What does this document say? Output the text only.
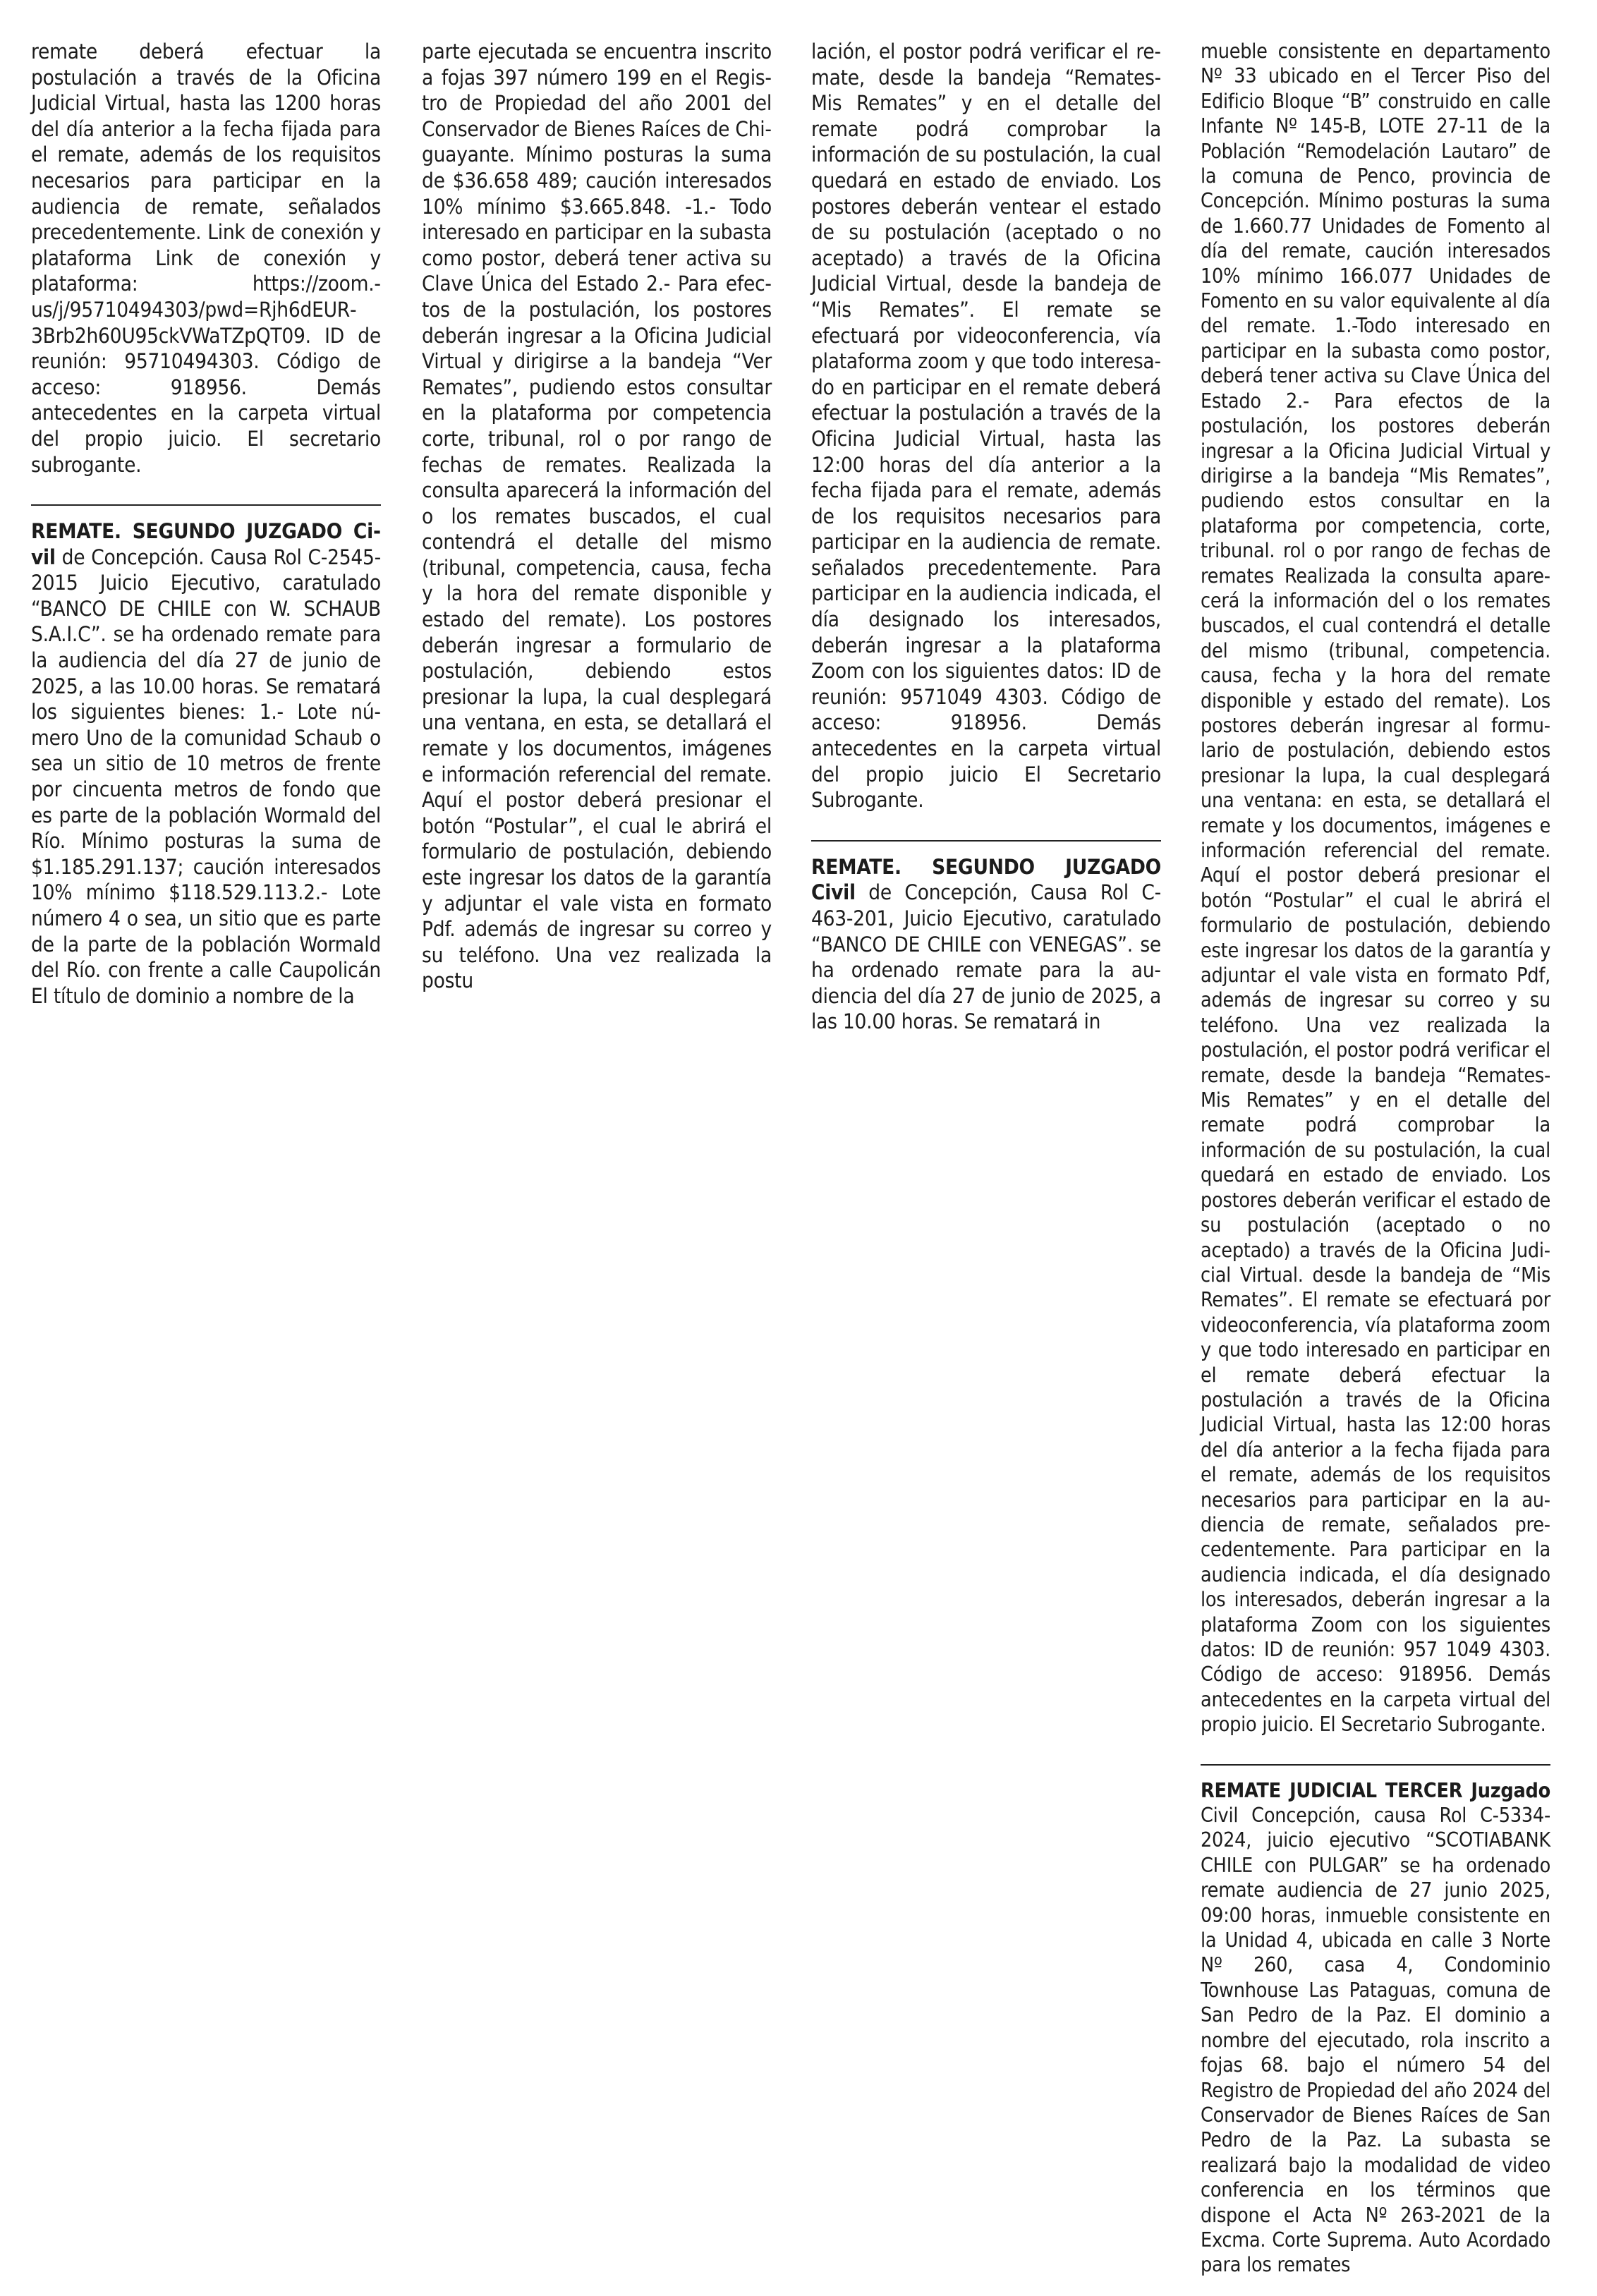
remate deberá efectuar la postulación a través de la Oficina Judicial Virtual, hasta las 1200 horas del día anterior a la fecha fijada para el remate, además de los requisitos necesarios para participar en la audiencia de remate, señalados precedentemente. Link de conexión y plataforma Link de conexión y plataforma: https://zoom.us/j/95710494303/pwd=Rjh6dEUR3Brb2h60U95ckVWaTZpQT09. ID de reunión: 95710494303. Código de acceso: 918956. Demás antecedentes en la carpeta virtual del propio juicio. El secretario subrogante.

REMATE. SEGUNDO JUZGADO Civil de Concepción. Causa Rol C-2545-2015 Juicio Ejecutivo, caratulado “BANCO DE CHILE con W. SCHAUB S.A.I.C”. se ha ordenado remate para la audiencia del día 27 de junio de 2025, a las 10.00 horas. Se rematará los siguientes bienes: 1.- Lote número Uno de la comunidad Schaub o sea un sitio de 10 metros de frente por cincuenta metros de fondo que es parte de la población Wormald del Río. Mínimo posturas la suma de $1.185.291.137; caución interesados 10% mínimo $118.529.113.2.- Lote número 4 o sea, un sitio que es parte de la parte de la población Wormald del Río. con frente a calle Caupolicán El título de dominio a nombre de la

parte ejecutada se encuentra inscrito a fojas 397 número 199 en el Registro de Propiedad del año 2001 del Conservador de Bienes Raíces de Chiguayante. Mínimo posturas la suma de $36.658 489; caución interesados 10% mínimo $3.665.848. -1.- Todo interesado en participar en la subasta como postor, deberá tener activa su Clave Única del Estado 2.- Para efectos de la postulación, los postores deberán ingresar a la Oficina Judicial Virtual y dirigirse a la bandeja “Ver Remates”, pudiendo estos consultar en la plataforma por competencia corte, tribunal, rol o por rango de fechas de remates. Realizada la consulta aparecerá la información del o los remates buscados, el cual contendrá el detalle del mismo (tribunal, competencia, causa, fecha y la hora del remate disponible y estado del remate). Los postores deberán ingresar a formulario de postulación, debiendo estos presionar la lupa, la cual desplegará una ventana, en esta, se detallará el remate y los documentos, imágenes e información referencial del remate. Aquí el postor deberá presionar el botón “Postular”, el cual le abrirá el formulario de postulación, debiendo este ingresar los datos de la garantía y adjuntar el vale vista en formato Pdf. además de ingresar su correo y su teléfono. Una vez realizada la postu

lación, el postor podrá verificar el remate, desde la bandeja “Remates- Mis Remates” y en el detalle del remate podrá comprobar la información de su postulación, la cual quedará en estado de enviado. Los postores deberán ventear el estado de su postulación (aceptado o no aceptado) a través de la Oficina Judicial Virtual, desde la bandeja de “Mis Remates”. El remate se efectuará por videoconferencia, vía plataforma zoom y que todo interesado en participar en el remate deberá efectuar la postulación a través de la Oficina Judicial Virtual, hasta las 12:00 horas del día anterior a la fecha fijada para el remate, además de los requisitos necesarios para participar en la audiencia de remate. señalados precedentemente. Para participar en la audiencia indicada, el día designado los interesados, deberán ingresar a la plataforma Zoom con los siguientes datos: ID de reunión: 9571049 4303. Código de acceso: 918956. Demás antecedentes en la carpeta virtual del propio juicio El Secretario Subrogante.

REMATE. SEGUNDO JUZGADO Civil de Concepción, Causa Rol C-463-201, Juicio Ejecutivo, caratulado “BANCO DE CHILE con VENEGAS”. se ha ordenado remate para la audiencia del día 27 de junio de 2025, a las 10.00 horas. Se rematará in

mueble consistente en departamento Nº 33 ubicado en el Tercer Piso del Edificio Bloque “B” construido en calle Infante Nº 145-B, LOTE 27-11 de la Población “Remodelación Lautaro” de la comuna de Penco, provincia de Concepción. Mínimo posturas la suma de 1.660.77 Unidades de Fomento al día del remate, caución interesados 10% mínimo 166.077 Unidades de Fomento en su valor equivalente al día del remate. 1.-Todo interesado en participar en la subasta como postor, deberá tener activa su Clave Única del Estado 2.- Para efectos de la postulación, los postores deberán ingresar a la Oficina Judicial Virtual y dirigirse a la bandeja “Mis Remates”, pudiendo estos consultar en la plataforma por competencia, corte, tribunal. rol o por rango de fechas de remates Realizada la consulta aparecerá la información del o los remates buscados, el cual contendrá el detalle del mismo (tribunal, competencia. causa, fecha y la hora del remate disponible y estado del remate). Los postores deberán ingresar al formulario de postulación, debiendo estos presionar la lupa, la cual desplegará una ventana: en esta, se detallará el remate y los documentos, imágenes e información referencial del remate. Aquí el postor deberá presionar el botón “Postular” el cual le abrirá el formulario de postulación, debiendo este ingresar los datos de la garantía y adjuntar el vale vista en formato Pdf, además de ingresar su correo y su teléfono. Una vez realizada la postulación, el postor podrá verificar el remate, desde la bandeja “Remates- Mis Remates” y en el detalle del remate podrá comprobar la información de su postulación, la cual quedará en estado de enviado. Los postores deberán verificar el estado de su postulación (aceptado o no aceptado) a través de la Oficina Judicial Virtual. desde la bandeja de “Mis Remates”. El remate se efectuará por videoconferencia, vía plataforma zoom y que todo interesado en participar en el remate deberá efectuar la postulación a través de la Oficina Judicial Virtual, hasta las 12:00 horas del día anterior a la fecha fijada para el remate, además de los requisitos necesarios para participar en la audiencia de remate, señalados precedentemente. Para participar en la audiencia indicada, el día designado los interesados, deberán ingresar a la plataforma Zoom con los siguientes datos: ID de reunión: 957 1049 4303. Código de acceso: 918956. Demás antecedentes en la carpeta virtual del propio juicio. El Secretario Subrogante.

REMATE JUDICIAL TERCER Juzgado Civil Concepción, causa Rol C-5334-2024, juicio ejecutivo “SCOTIABANK CHILE con PULGAR” se ha ordenado remate audiencia de 27 junio 2025, 09:00 horas, inmueble consistente en la Unidad 4, ubicada en calle 3 Norte Nº 260, casa 4, Condominio Townhouse Las Pataguas, comuna de San Pedro de la Paz. El dominio a nombre del ejecutado, rola inscrito a fojas 68. bajo el número 54 del Registro de Propiedad del año 2024 del Conservador de Bienes Raíces de San Pedro de la Paz. La subasta se realizará bajo la modalidad de video conferencia en los términos que dispone el Acta Nº 263-2021 de la Excma. Corte Suprema. Auto Acordado para los remates
